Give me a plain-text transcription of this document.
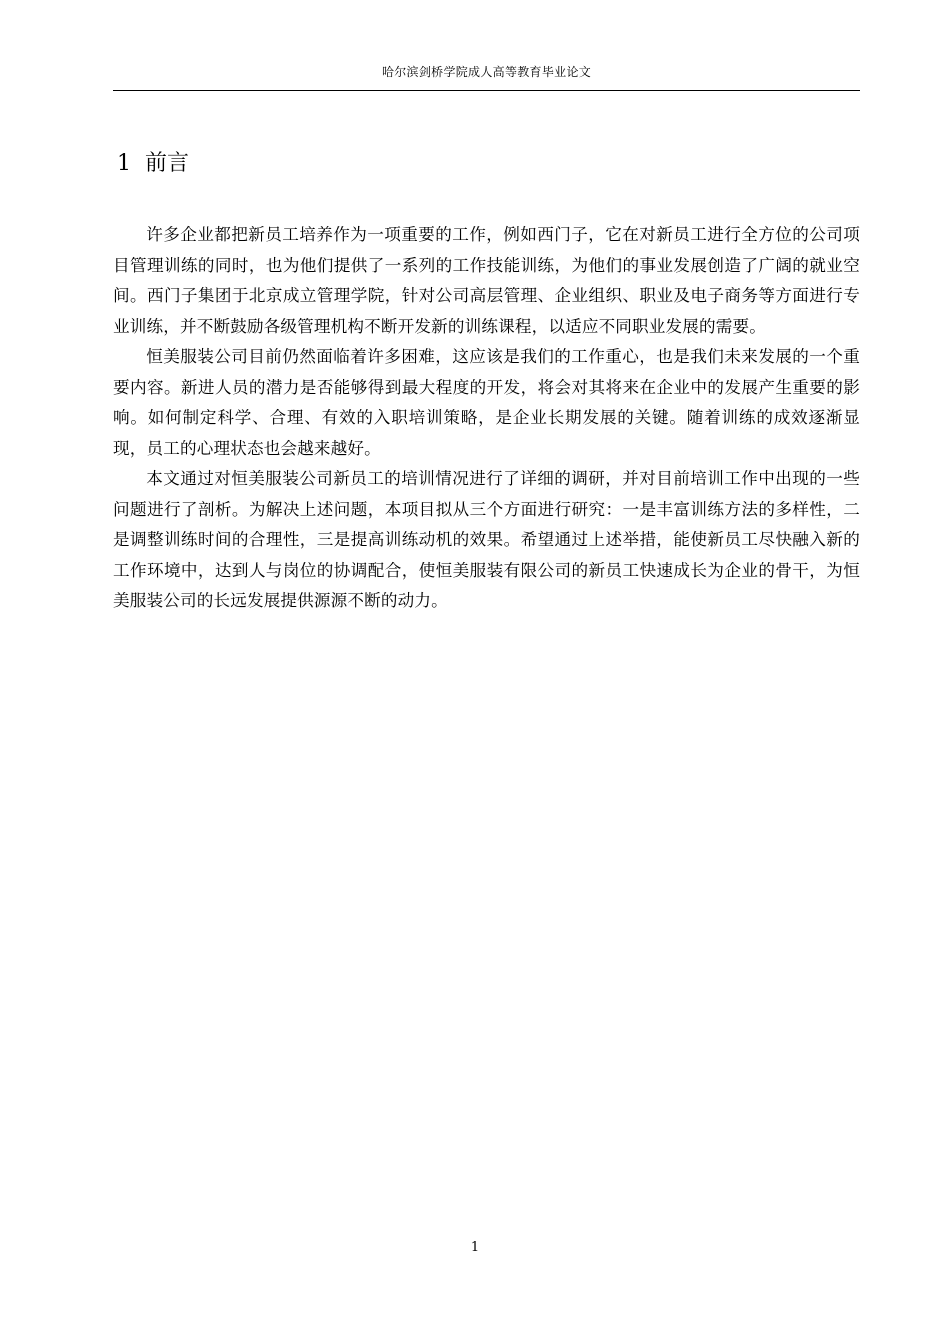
哈尔滨剑桥学院成人高等教育毕业论文
1 前言

许多企业都把新员工培养作为一项重要的工作，例如西门子，它在对新员工进行全方位的公司项目管理训练的同时，也为他们提供了一系列的工作技能训练，为他们的事业发展创造了广阔的就业空间。西门子集团于北京成立管理学院，针对公司高层管理、企业组织、职业及电子商务等方面进行专业训练，并不断鼓励各级管理机构不断开发新的训练课程，以适应不同职业发展的需要。

恒美服装公司目前仍然面临着许多困难，这应该是我们的工作重心，也是我们未来发展的一个重要内容。新进人员的潜力是否能够得到最大程度的开发，将会对其将来在企业中的发展产生重要的影响。如何制定科学、合理、有效的入职培训策略，是企业长期发展的关键。随着训练的成效逐渐显现，员工的心理状态也会越来越好。

本文通过对恒美服装公司新员工的培训情况进行了详细的调研，并对目前培训工作中出现的一些问题进行了剖析。为解决上述问题，本项目拟从三个方面进行研究：一是丰富训练方法的多样性，二是调整训练时间的合理性，三是提高训练动机的效果。希望通过上述举措，能使新员工尽快融入新的工作环境中，达到人与岗位的协调配合，使恒美服装有限公司的新员工快速成长为企业的骨干，为恒美服装公司的长远发展提供源源不断的动力。

1
